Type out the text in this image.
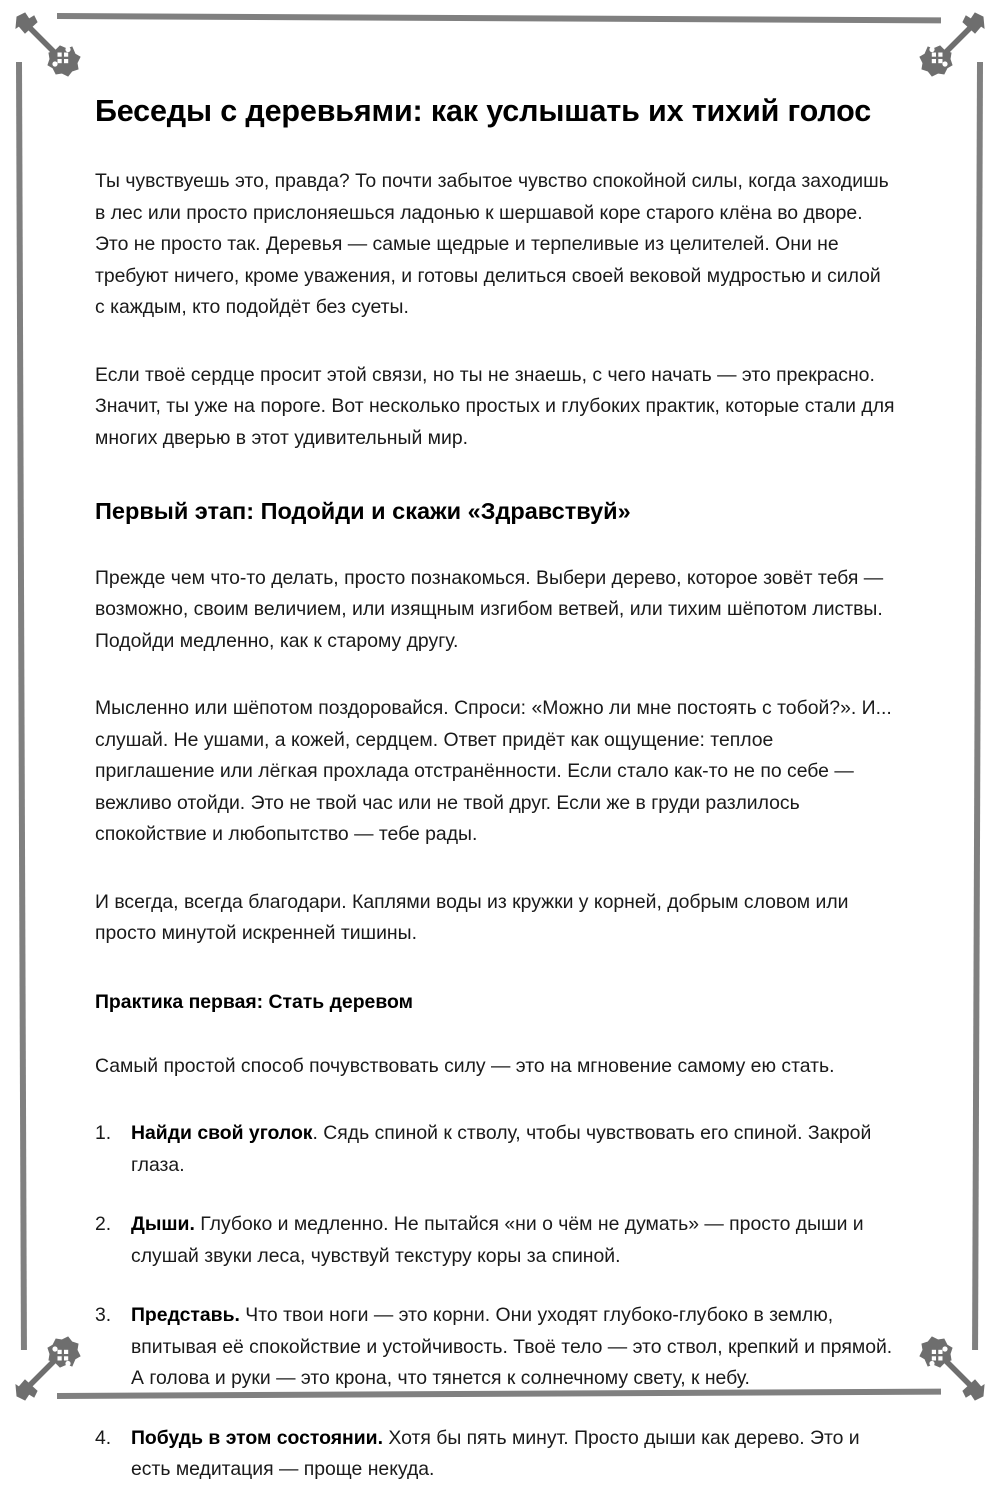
Беседы с деревьями: как услышать их тихий голос

Ты чувствуешь это, правда? То почти забытое чувство спокойной силы, когда заходишь в лес или просто прислоняешься ладонью к шершавой коре старого клёна во дворе. Это не просто так. Деревья — самые щедрые и терпеливые из целителей. Они не требуют ничего, кроме уважения, и готовы делиться своей вековой мудростью и силой с каждым, кто подойдёт без суеты.

Если твоё сердце просит этой связи, но ты не знаешь, с чего начать — это прекрасно. Значит, ты уже на пороге. Вот несколько простых и глубоких практик, которые стали для многих дверью в этот удивительный мир.

Первый этап: Подойди и скажи «Здравствуй»

Прежде чем что-то делать, просто познакомься. Выбери дерево, которое зовёт тебя — возможно, своим величием, или изящным изгибом ветвей, или тихим шёпотом листвы. Подойди медленно, как к старому другу.

Мысленно или шёпотом поздоровайся. Спроси: «Можно ли мне постоять с тобой?». И... слушай. Не ушами, а кожей, сердцем. Ответ придёт как ощущение: теплое приглашение или лёгкая прохлада отстранённости. Если стало как-то не по себе — вежливо отойди. Это не твой час или не твой друг. Если же в груди разлилось спокойствие и любопытство — тебе рады.

И всегда, всегда благодари. Каплями воды из кружки у корней, добрым словом или просто минутой искренней тишины.

Практика первая: Стать деревом

Самый простой способ почувствовать силу — это на мгновение самому ею стать.

1.	Найди свой уголок. Сядь спиной к стволу, чтобы чувствовать его спиной. Закрой глаза.
2.	Дыши. Глубоко и медленно. Не пытайся «ни о чём не думать» — просто дыши и слушай звуки леса, чувствуй текстуру коры за спиной.
3.	Представь. Что твои ноги — это корни. Они уходят глубоко-глубоко в землю, впитывая её спокойствие и устойчивость. Твоё тело — это ствол, крепкий и прямой. А голова и руки — это крона, что тянется к солнечному свету, к небу.
4.	Побудь в этом состоянии. Хотя бы пять минут. Просто дыши как дерево. Это и есть медитация — проще некуда.
